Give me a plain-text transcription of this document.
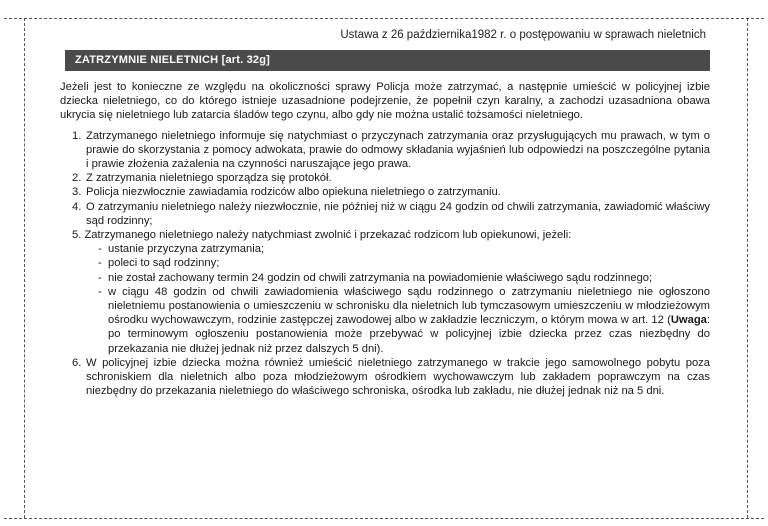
Ustawa z 26 października1982 r. o postępowaniu w sprawach nieletnich
ZATRZYMNIE NIELETNICH [art. 32g]

Jeżeli jest to konieczne ze względu na okoliczności sprawy Policja może zatrzymać, a następnie umieścić w policyjnej izbie dziecka nieletniego, co do którego istnieje uzasadnione podejrzenie, że popełnił czyn karalny, a zachodzi uzasadniona obawa ukrycia się nieletniego lub zatarcia śladów tego czynu, albo gdy nie można ustalić tożsamości nieletniego.

1. Zatrzymanego nieletniego informuje się natychmiast o przyczynach zatrzymania oraz przysługujących mu prawach, w tym o prawie do skorzystania z pomocy adwokata, prawie do odmowy składania wyjaśnień lub odpowiedzi na poszczególne pytania i prawie złożenia zażalenia na czynności naruszające jego prawa.
2. Z zatrzymania nieletniego sporządza się protokół.
3. Policja niezwłocznie zawiadamia rodziców albo opiekuna nieletniego o zatrzymaniu.
4. O zatrzymaniu nieletniego należy niezwłocznie, nie później niż w ciągu 24 godzin od chwili zatrzymania, zawiadomić właściwy sąd rodzinny;
5. Zatrzymanego nieletniego należy natychmiast zwolnić i przekazać rodzicom lub opiekunowi, jeżeli:
- ustanie przyczyna zatrzymania;
- poleci to sąd rodzinny;
- nie został zachowany termin 24 godzin od chwili zatrzymania na powiadomienie właściwego sądu rodzinnego;
- w ciągu 48 godzin od chwili zawiadomienia właściwego sądu rodzinnego o zatrzymaniu nieletniego nie ogłoszono nieletniemu postanowienia o umieszczeniu w schronisku dla nieletnich lub tymczasowym umieszczeniu w młodzieżowym ośrodku wychowawczym, rodzinie zastępczej zawodowej albo w zakładzie leczniczym, o którym mowa w art. 12 (Uwaga: po terminowym ogłoszeniu postanowienia może przebywać w policyjnej izbie dziecka przez czas niezbędny do przekazania nie dłużej jednak niż przez dalszych 5 dni).
6. W policyjnej izbie dziecka można również umieścić nieletniego zatrzymanego w trakcie jego samowolnego pobytu poza schroniskiem dla nieletnich albo poza młodzieżowym ośrodkiem wychowawczym lub zakładem poprawczym na czas niezbędny do przekazania nieletniego do właściwego schroniska, ośrodka lub zakładu, nie dłużej jednak niż na 5 dni.
